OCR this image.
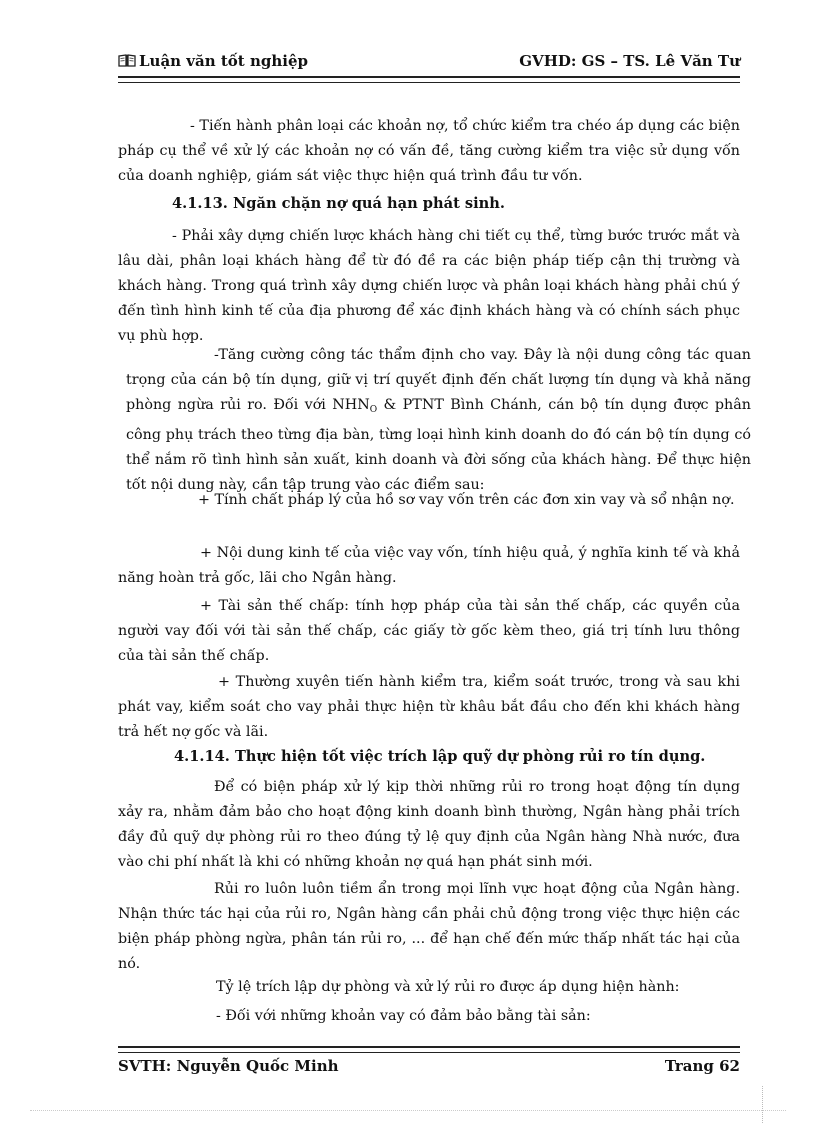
Luận văn tốt nghiệp	GVHD: GS – TS. Lê Văn Tư

- Tiến hành phân loại các khoản nợ, tổ chức kiểm tra chéo áp dụng các biện pháp cụ thể về xử lý các khoản nợ có vấn đề, tăng cường kiểm tra việc sử dụng vốn của doanh nghiệp, giám sát việc thực hiện quá trình đầu tư vốn.

4.1.13. Ngăn chặn nợ quá hạn phát sinh.

- Phải xây dựng chiến lược khách hàng chi tiết cụ thể, từng bước trước mắt và lâu dài, phân loại khách hàng để từ đó đề ra các biện pháp tiếp cận thị trường và khách hàng. Trong quá trình xây dựng chiến lược và phân loại khách hàng phải chú ý đến tình hình kinh tế của địa phương để xác định khách hàng và có chính sách phục vụ phù hợp.

-Tăng cường công tác thẩm định cho vay. Đây là nội dung công tác quan trọng của cán bộ tín dụng, giữ vị trí quyết định đến chất lượng tín dụng và khả năng phòng ngừa rủi ro. Đối với $NHN_O$ & PTNT Bình Chánh, cán bộ tín dụng được phân công phụ trách theo từng địa bàn, từng loại hình kinh doanh do đó cán bộ tín dụng có thể nắm rõ tình hình sản xuất, kinh doanh và đời sống của khách hàng. Để thực hiện tốt nội dung này, cần tập trung vào các điểm sau:

+ Tính chất pháp lý của hồ sơ vay vốn trên các đơn xin vay và sổ nhận nợ.

+ Nội dung kinh tế của việc vay vốn, tính hiệu quả, ý nghĩa kinh tế và khả năng hoàn trả gốc, lãi cho Ngân hàng.

+ Tài sản thế chấp: tính hợp pháp của tài sản thế chấp, các quyền của người vay đối với tài sản thế chấp, các giấy tờ gốc kèm theo, giá trị tính lưu thông của tài sản thế chấp.

+ Thường xuyên tiến hành kiểm tra, kiểm soát trước, trong và sau khi phát vay, kiểm soát cho vay phải thực hiện từ khâu bắt đầu cho đến khi khách hàng trả hết nợ gốc và lãi.

4.1.14. Thực hiện tốt việc trích lập quỹ dự phòng rủi ro tín dụng.

Để có biện pháp xử lý kịp thời những rủi ro trong hoạt động tín dụng xảy ra, nhằm đảm bảo cho hoạt động kinh doanh bình thường, Ngân hàng phải trích đầy đủ quỹ dự phòng rủi ro theo đúng tỷ lệ quy định của Ngân hàng Nhà nước, đưa vào chi phí nhất là khi có những khoản nợ quá hạn phát sinh mới.

Rủi ro luôn luôn tiềm ẩn trong mọi lĩnh vực hoạt động của Ngân hàng. Nhận thức tác hại của rủi ro, Ngân hàng cần phải chủ động trong việc thực hiện các biện pháp phòng ngừa, phân tán rủi ro, ... để hạn chế đến mức thấp nhất tác hại của nó.

Tỷ lệ trích lập dự phòng và xử lý rủi ro được áp dụng hiện hành:

- Đối với những khoản vay có đảm bảo bằng tài sản:

SVTH: Nguyễn Quốc Minh	Trang 62
